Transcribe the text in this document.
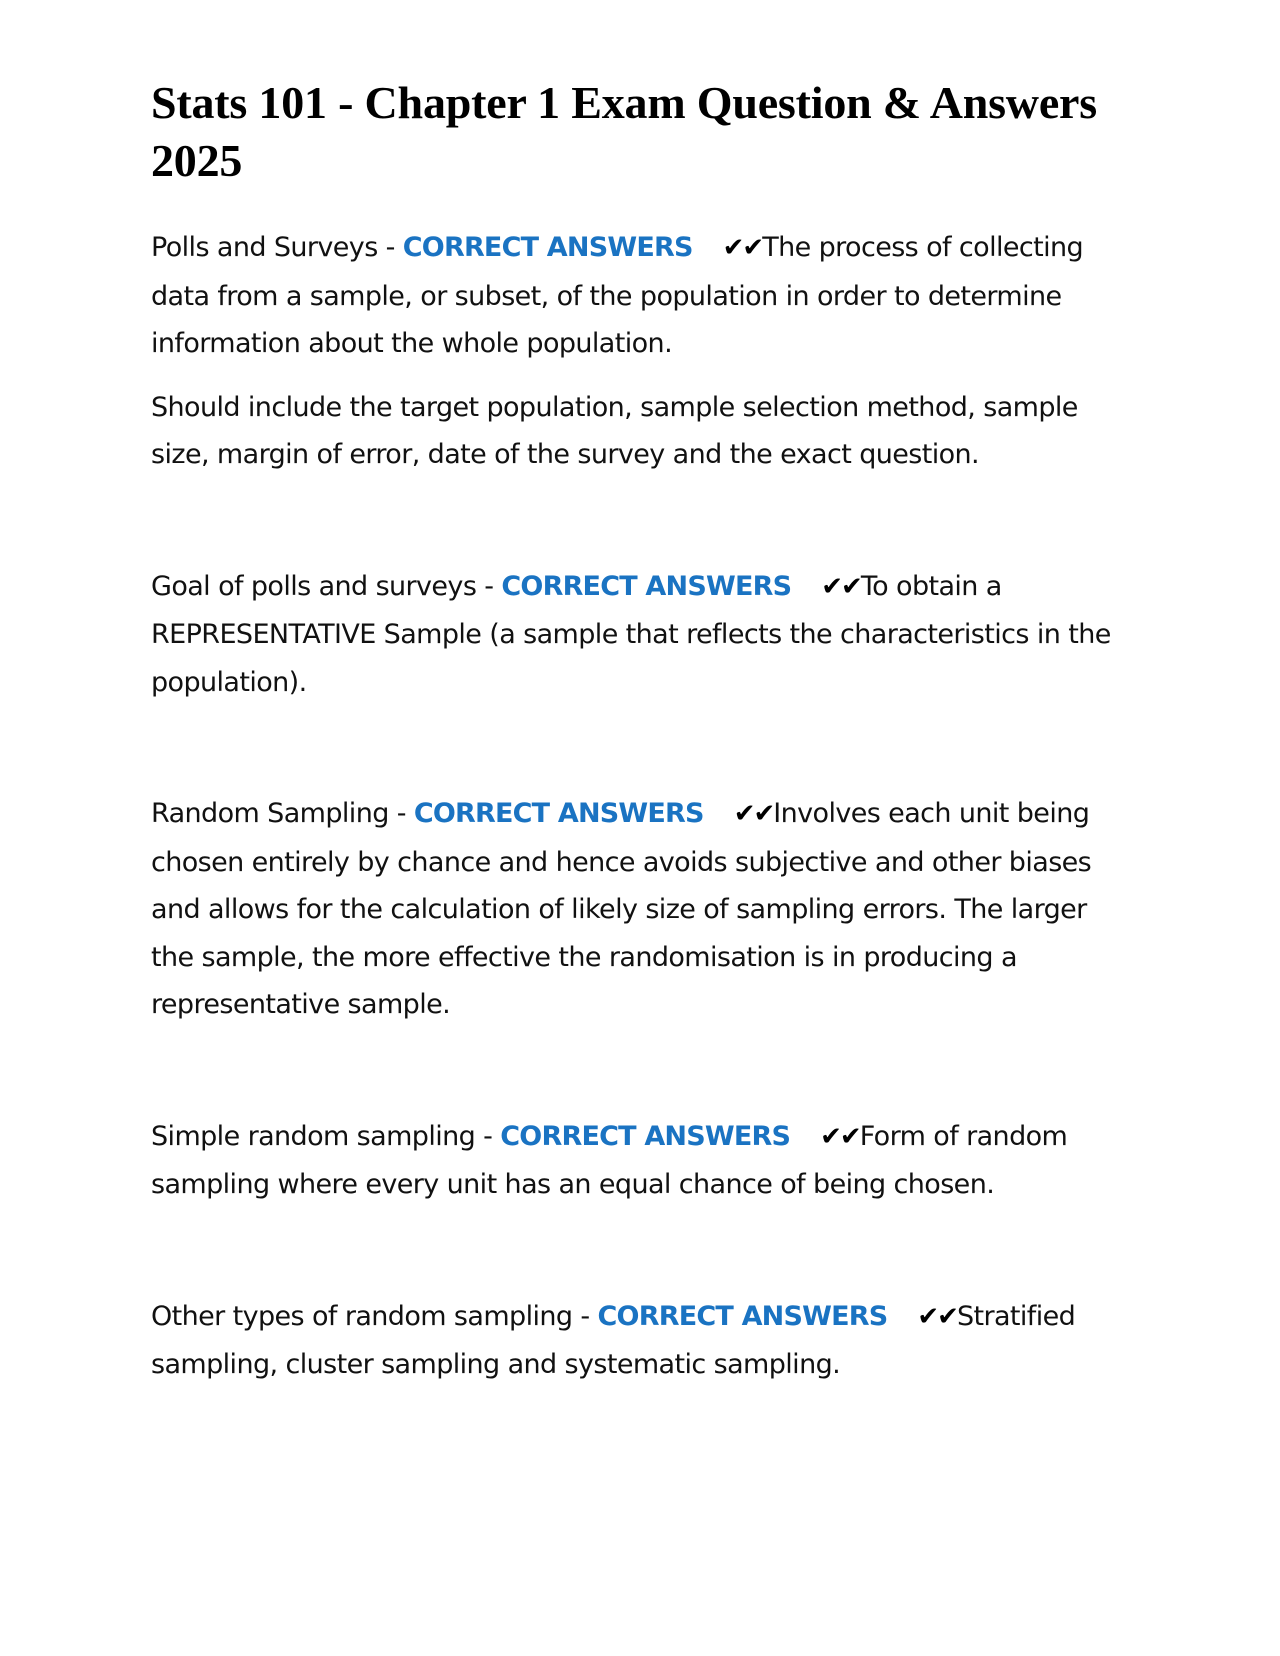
Stats 101 - Chapter 1 Exam Question & Answers 2025

Polls and Surveys - CORRECT ANSWERS ✔✔The process of collecting data from a sample, or subset, of the population in order to determine information about the whole population.

Should include the target population, sample selection method, sample size, margin of error, date of the survey and the exact question.

Goal of polls and surveys - CORRECT ANSWERS ✔✔To obtain a REPRESENTATIVE Sample (a sample that reflects the characteristics in the population).

Random Sampling - CORRECT ANSWERS ✔✔Involves each unit being chosen entirely by chance and hence avoids subjective and other biases and allows for the calculation of likely size of sampling errors. The larger the sample, the more effective the randomisation is in producing a representative sample.

Simple random sampling - CORRECT ANSWERS ✔✔Form of random sampling where every unit has an equal chance of being chosen.

Other types of random sampling - CORRECT ANSWERS ✔✔Stratified sampling, cluster sampling and systematic sampling.
